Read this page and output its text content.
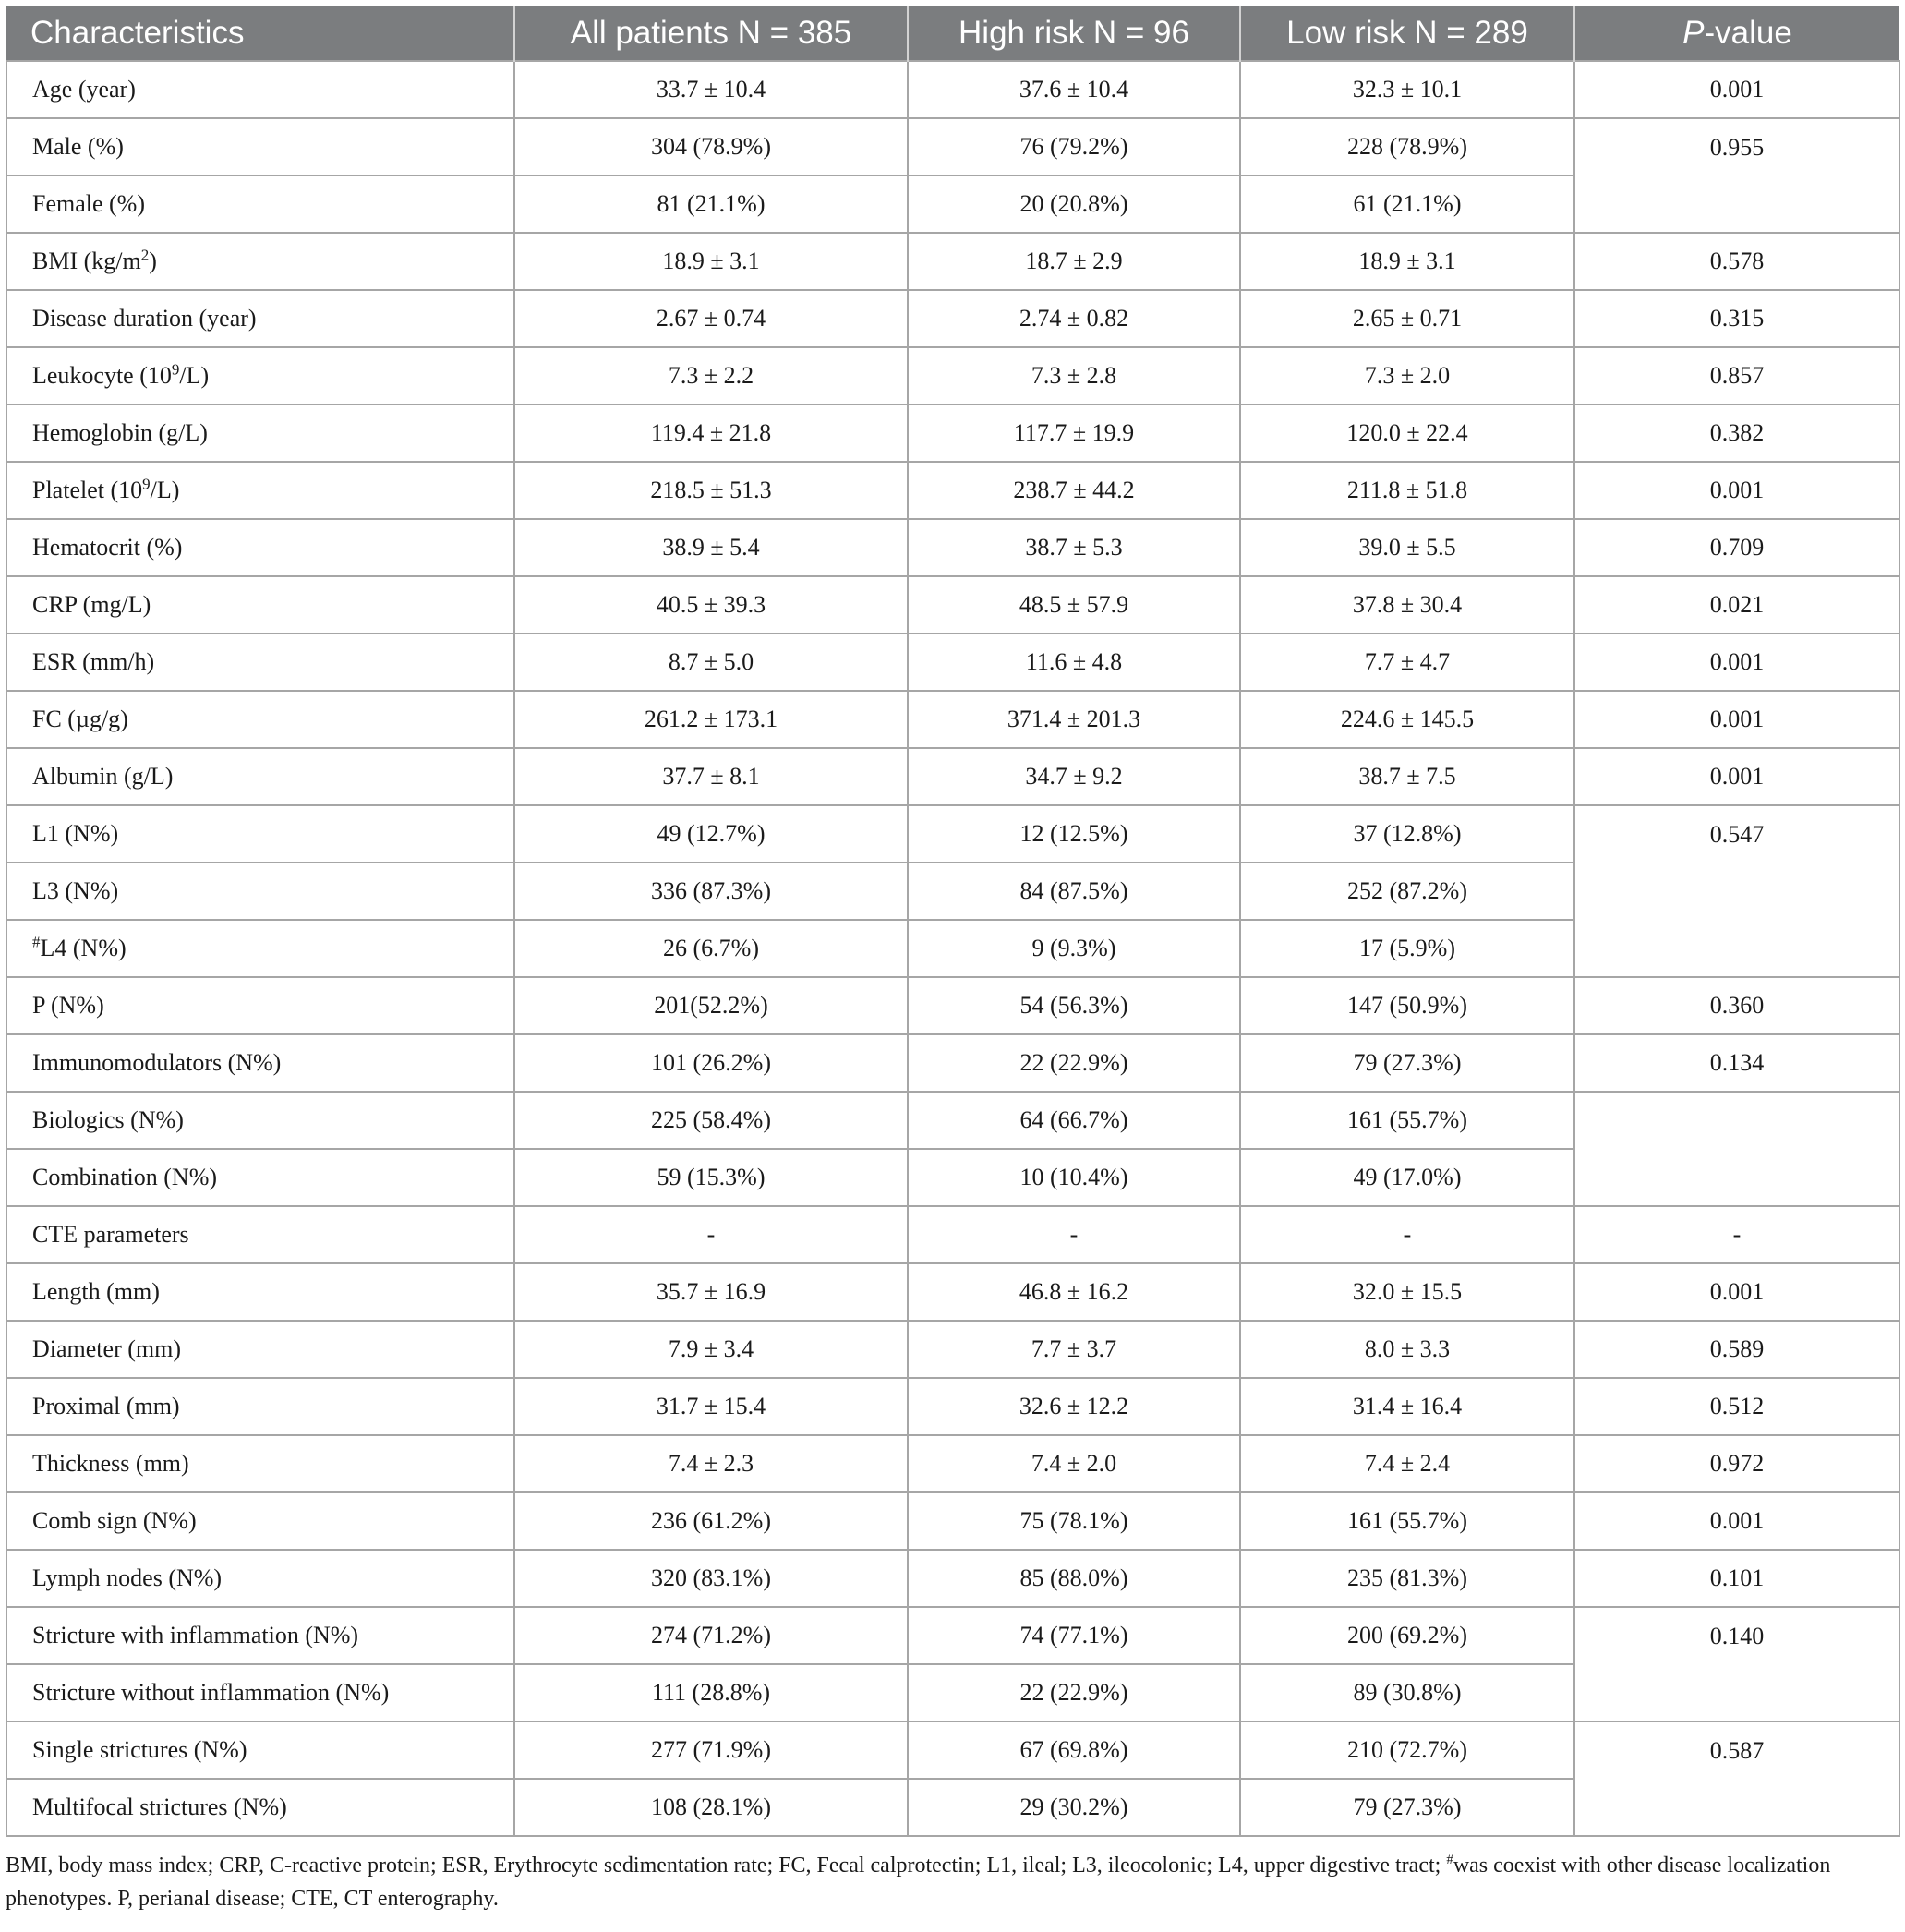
Characteristics	All patients N = 385	High risk N = 96	Low risk N = 289	P-value
Age (year)	33.7 ± 10.4	37.6 ± 10.4	32.3 ± 10.1	0.001
Male (%)	304 (78.9%)	76 (79.2%)	228 (78.9%)	0.955
Female (%)	81 (21.1%)	20 (20.8%)	61 (21.1%)	
BMI $(kg/m^2)$	18.9 ± 3.1	18.7 ± 2.9	18.9 ± 3.1	0.578
Disease duration (year)	2.67 ± 0.74	2.74 ± 0.82	2.65 ± 0.71	0.315
Leukocyte $(10^9/L)$	7.3 ± 2.2	7.3 ± 2.8	7.3 ± 2.0	0.857
Hemoglobin (g/L)	119.4 ± 21.8	117.7 ± 19.9	120.0 ± 22.4	0.382
Platelet $(10^9/L)$	218.5 ± 51.3	238.7 ± 44.2	211.8 ± 51.8	0.001
Hematocrit (%)	38.9 ± 5.4	38.7 ± 5.3	39.0 ± 5.5	0.709
CRP (mg/L)	40.5 ± 39.3	48.5 ± 57.9	37.8 ± 30.4	0.021
ESR (mm/h)	8.7 ± 5.0	11.6 ± 4.8	7.7 ± 4.7	0.001
FC (µg/g)	261.2 ± 173.1	371.4 ± 201.3	224.6 ± 145.5	0.001
Albumin (g/L)	37.7 ± 8.1	34.7 ± 9.2	38.7 ± 7.5	0.001
L1 (N%)	49 (12.7%)	12 (12.5%)	37 (12.8%)	0.547
L3 (N%)	336 (87.3%)	84 (87.5%)	252 (87.2%)	
#L4 (N%)	26 (6.7%)	9 (9.3%)	17 (5.9%)	
P (N%)	201(52.2%)	54 (56.3%)	147 (50.9%)	0.360
Immunomodulators (N%)	101 (26.2%)	22 (22.9%)	79 (27.3%)	0.134
Biologics (N%)	225 (58.4%)	64 (66.7%)	161 (55.7%)	
Combination (N%)	59 (15.3%)	10 (10.4%)	49 (17.0%)	
CTE parameters	-	-	-	-
Length (mm)	35.7 ± 16.9	46.8 ± 16.2	32.0 ± 15.5	0.001
Diameter (mm)	7.9 ± 3.4	7.7 ± 3.7	8.0 ± 3.3	0.589
Proximal (mm)	31.7 ± 15.4	32.6 ± 12.2	31.4 ± 16.4	0.512
Thickness (mm)	7.4 ± 2.3	7.4 ± 2.0	7.4 ± 2.4	0.972
Comb sign (N%)	236 (61.2%)	75 (78.1%)	161 (55.7%)	0.001
Lymph nodes (N%)	320 (83.1%)	85 (88.0%)	235 (81.3%)	0.101
Stricture with inflammation (N%)	274 (71.2%)	74 (77.1%)	200 (69.2%)	0.140
Stricture without inflammation (N%)	111 (28.8%)	22 (22.9%)	89 (30.8%)	
Single strictures (N%)	277 (71.9%)	67 (69.8%)	210 (72.7%)	0.587
Multifocal strictures (N%)	108 (28.1%)	29 (30.2%)	79 (27.3%)	
BMI, body mass index; CRP, C-reactive protein; ESR, Erythrocyte sedimentation rate; FC, Fecal calprotectin; L1, ileal; L3, ileocolonic; L4, upper digestive tract; #was coexist with other disease localization phenotypes. P, perianal disease; CTE, CT enterography.
